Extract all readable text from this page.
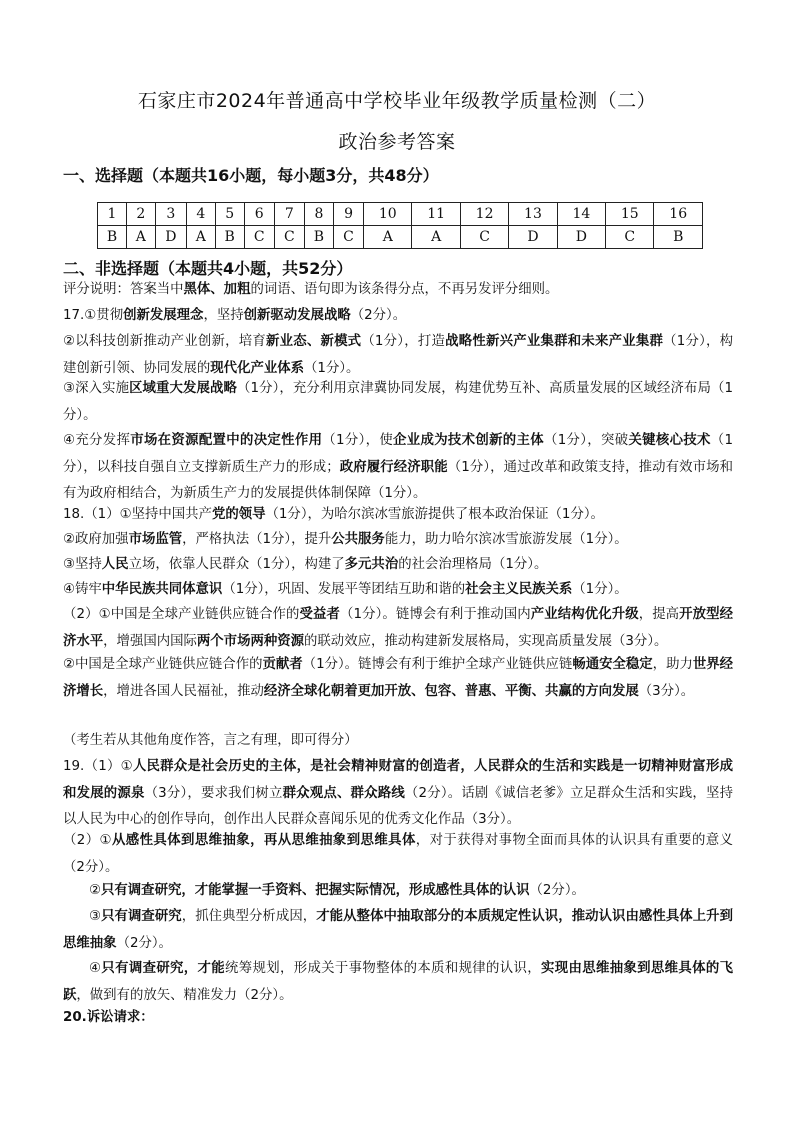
石家庄市2024年普通高中学校毕业年级教学质量检测（二）
政治参考答案
一、选择题（本题共16小题，每小题3分，共48分）
1	2	3	4	5	6	7	8	9	10	11	12	13	14	15	16
B	A	D	A	B	C	C	B	C	A	A	C	D	D	C	B
二、非选择题（本题共4小题，共52分）
评分说明：答案当中黑体、加粗的词语、语句即为该条得分点，不再另发评分细则。
17.①贯彻创新发展理念，坚持创新驱动发展战略（2分）。
②以科技创新推动产业创新，培育新业态、新模式（1分），打造战略性新兴产业集群和未来产业集群（1分），构建创新引领、协同发展的现代化产业体系（1分）。
③深入实施区域重大发展战略（1分），充分利用京津冀协同发展，构建优势互补、高质量发展的区域经济布局（1分）。
④充分发挥市场在资源配置中的决定性作用（1分），使企业成为技术创新的主体（1分），突破关键核心技术（1分），以科技自强自立支撑新质生产力的形成；政府履行经济职能（1分），通过改革和政策支持，推动有效市场和有为政府相结合，为新质生产力的发展提供体制保障（1分）。
18.（1）①坚持中国共产党的领导（1分），为哈尔滨冰雪旅游提供了根本政治保证（1分）。
②政府加强市场监管，严格执法（1分），提升公共服务能力，助力哈尔滨冰雪旅游发展（1分）。
③坚持人民立场，依靠人民群众（1分），构建了多元共治的社会治理格局（1分）。
④铸牢中华民族共同体意识（1分），巩固、发展平等团结互助和谐的社会主义民族关系（1分）。
（2）①中国是全球产业链供应链合作的受益者（1分）。链博会有利于推动国内产业结构优化升级，提高开放型经济水平，增强国内国际两个市场两种资源的联动效应，推动构建新发展格局，实现高质量发展（3分）。
②中国是全球产业链供应链合作的贡献者（1分）。链博会有利于维护全球产业链供应链畅通安全稳定，助力世界经济增长，增进各国人民福祉，推动经济全球化朝着更加开放、包容、普惠、平衡、共赢的方向发展（3分）。
（考生若从其他角度作答，言之有理，即可得分）
19.（1）①人民群众是社会历史的主体，是社会精神财富的创造者，人民群众的生活和实践是一切精神财富形成和发展的源泉（3分），要求我们树立群众观点、群众路线（2分）。话剧《诚信老爹》立足群众生活和实践，坚持以人民为中心的创作导向，创作出人民群众喜闻乐见的优秀文化作品（3分）。
（2）①从感性具体到思维抽象，再从思维抽象到思维具体，对于获得对事物全面而具体的认识具有重要的意义（2分）。
②只有调查研究，才能掌握一手资料、把握实际情况，形成感性具体的认识（2分）。
③只有调查研究，抓住典型分析成因，才能从整体中抽取部分的本质规定性认识，推动认识由感性具体上升到思维抽象（2分）。
④只有调查研究，才能统筹规划，形成关于事物整体的本质和规律的认识，实现由思维抽象到思维具体的飞跃，做到有的放矢、精准发力（2分）。
20.诉讼请求：
